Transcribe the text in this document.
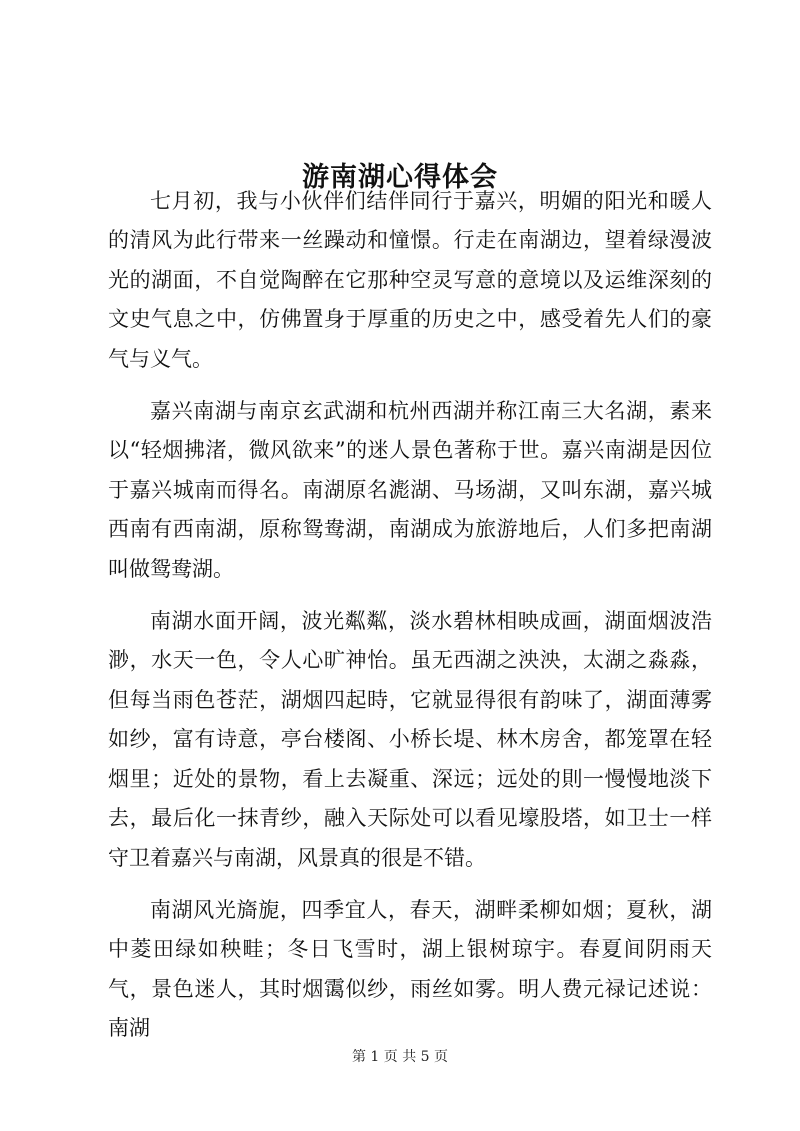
游南湖心得体会

七月初，我与小伙伴们结伴同行于嘉兴，明媚的阳光和暖人的清风为此行带来一丝躁动和憧憬。行走在南湖边，望着绿漫波光的湖面，不自觉陶醉在它那种空灵写意的意境以及运维深刻的文史气息之中，仿佛置身于厚重的历史之中，感受着先人们的豪气与义气。

嘉兴南湖与南京玄武湖和杭州西湖并称江南三大名湖，素来以“轻烟拂渚，微风欲来”的迷人景色著称于世。嘉兴南湖是因位于嘉兴城南而得名。南湖原名滮湖、马场湖，又叫东湖，嘉兴城西南有西南湖，原称鸳鸯湖，南湖成为旅游地后，人们多把南湖叫做鸳鸯湖。

南湖水面开阔，波光粼粼，淡水碧林相映成画，湖面烟波浩渺，水天一色，令人心旷神怡。虽无西湖之泱泱，太湖之淼淼，但每当雨色苍茫，湖烟四起時，它就显得很有韵味了，湖面薄雾如纱，富有诗意，亭台楼阁、小桥长堤、林木房舍，都笼罩在轻烟里；近处的景物，看上去凝重、深远；远处的則一慢慢地淡下去，最后化一抹青纱，融入天际处可以看见壕股塔，如卫士一样守卫着嘉兴与南湖，风景真的很是不错。

南湖风光旖旎，四季宜人，春天，湖畔柔柳如烟；夏秋，湖中菱田绿如秧畦；冬日飞雪时，湖上银树琼宇。春夏间阴雨天气，景色迷人，其时烟霭似纱，雨丝如雾。明人费元禄记述说：南湖

第 1 页 共 5 页
